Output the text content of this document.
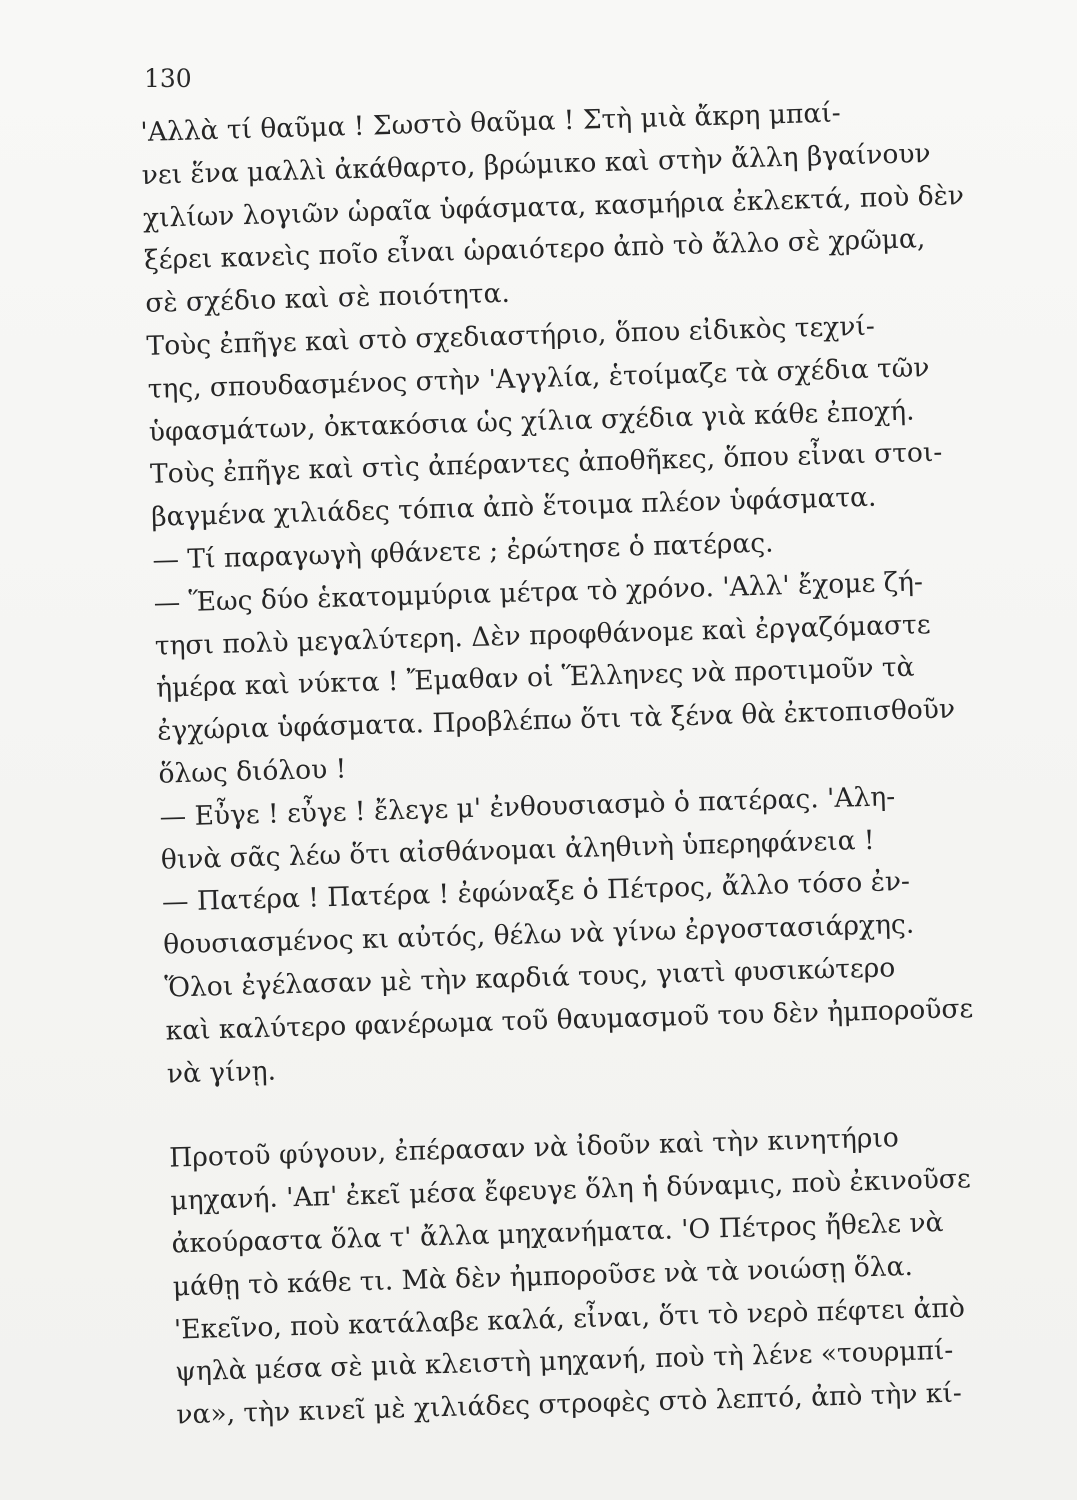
130
'Αλλὰ τί θαῦμα ! Σωστὸ θαῦμα ! Στὴ μιὰ ἄκρη μπαί-
νει ἕνα μαλλὶ ἀκάθαρτο, βρώμικο καὶ στὴν ἄλλη βγαίνουν
χιλίων λογιῶν ὡραῖα ὑφάσματα, κασμήρια ἐκλεκτά, ποὺ δὲν
ξέρει κανεὶς ποῖο εἶναι ὡραιότερο ἀπὸ τὸ ἄλλο σὲ χρῶμα,
σὲ σχέδιο καὶ σὲ ποιότητα.
Τοὺς ἐπῆγε καὶ στὸ σχεδιαστήριο, ὅπου εἰδικὸς τεχνί-
της, σπουδασμένος στὴν 'Αγγλία, ἑτοίμαζε τὰ σχέδια τῶν
ὑφασμάτων, ὀκτακόσια ὡς χίλια σχέδια γιὰ κάθε ἐποχή.
Τοὺς ἐπῆγε καὶ στὶς ἀπέραντες ἀποθῆκες, ὅπου εἶναι στοι-
βαγμένα χιλιάδες τόπια ἀπὸ ἕτοιμα πλέον ὑφάσματα.
— Τί παραγωγὴ φθάνετε ; ἐρώτησε ὁ πατέρας.
— Ἕως δύο ἑκατομμύρια μέτρα τὸ χρόνο. 'Αλλ' ἔχομε ζή-
τησι πολὺ μεγαλύτερη. Δὲν προφθάνομε καὶ ἐργαζόμαστε
ἡμέρα καὶ νύκτα ! Ἔμαθαν οἱ Ἕλληνες νὰ προτιμοῦν τὰ
ἐγχώρια ὑφάσματα. Προβλέπω ὅτι τὰ ξένα θὰ ἐκτοπισθοῦν
ὅλως διόλου !
— Εὖγε ! εὖγε ! ἔλεγε μ' ἐνθουσιασμὸ ὁ πατέρας. 'Αλη-
θινὰ σᾶς λέω ὅτι αἰσθάνομαι ἀληθινὴ ὑπερηφάνεια !
— Πατέρα ! Πατέρα ! ἐφώναξε ὁ Πέτρος, ἄλλο τόσο ἐν-
θουσιασμένος κι αὐτός, θέλω νὰ γίνω ἐργοστασιάρχης.
Ὅλοι ἐγέλασαν μὲ τὴν καρδιά τους, γιατὶ φυσικώτερο
καὶ καλύτερο φανέρωμα τοῦ θαυμασμοῦ του δὲν ἠμποροῦσε
νὰ γίνῃ.
Προτοῦ φύγουν, ἐπέρασαν νὰ ἰδοῦν καὶ τὴν κινητήριο
μηχανή. 'Απ' ἐκεῖ μέσα ἔφευγε ὅλη ἡ δύναμις, ποὺ ἐκινοῦσε
ἀκούραστα ὅλα τ' ἄλλα μηχανήματα. 'Ο Πέτρος ἤθελε νὰ
μάθῃ τὸ κάθε τι. Μὰ δὲν ἠμποροῦσε νὰ τὰ νοιώσῃ ὅλα.
'Εκεῖνο, ποὺ κατάλαβε καλά, εἶναι, ὅτι τὸ νερὸ πέφτει ἀπὸ
ψηλὰ μέσα σὲ μιὰ κλειστὴ μηχανή, ποὺ τὴ λένε «τουρμπί-
να», τὴν κινεῖ μὲ χιλιάδες στροφὲς στὸ λεπτό, ἀπὸ τὴν κί-
